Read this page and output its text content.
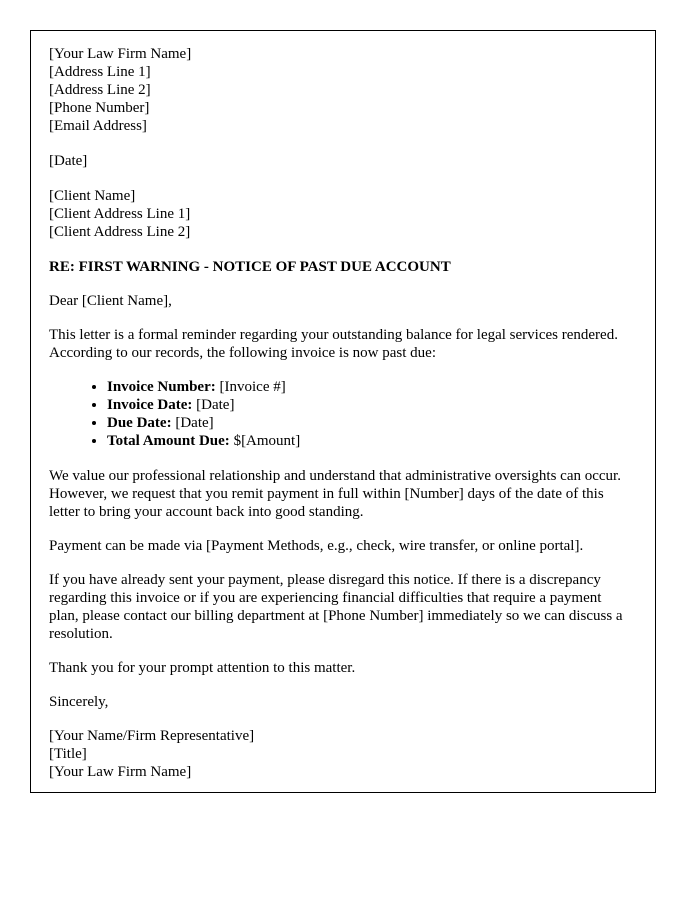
[Your Law Firm Name]
[Address Line 1]
[Address Line 2]
[Phone Number]
[Email Address]
[Date]
[Client Name]
[Client Address Line 1]
[Client Address Line 2]

RE: FIRST WARNING - NOTICE OF PAST DUE ACCOUNT

Dear [Client Name],

This letter is a formal reminder regarding your outstanding balance for legal services rendered. According to our records, the following invoice is now past due:

• Invoice Number: [Invoice #]
• Invoice Date: [Date]
• Due Date: [Date]
• Total Amount Due: $[Amount]

We value our professional relationship and understand that administrative oversights can occur. However, we request that you remit payment in full within [Number] days of the date of this letter to bring your account back into good standing.

Payment can be made via [Payment Methods, e.g., check, wire transfer, or online portal].

If you have already sent your payment, please disregard this notice. If there is a discrepancy regarding this invoice or if you are experiencing financial difficulties that require a payment plan, please contact our billing department at [Phone Number] immediately so we can discuss a resolution.

Thank you for your prompt attention to this matter.

Sincerely,

[Your Name/Firm Representative]
[Title]
[Your Law Firm Name]
